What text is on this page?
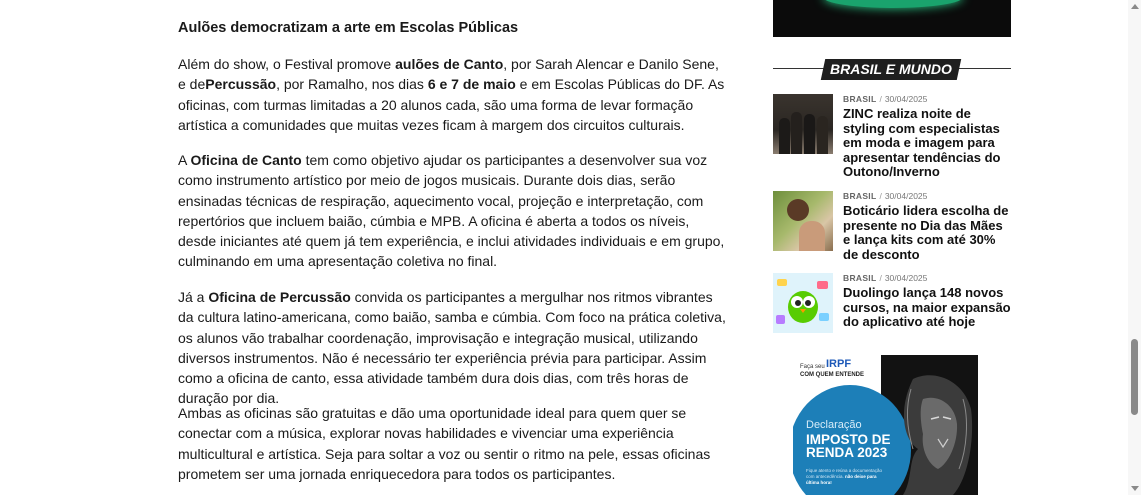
Aulões democratizam a arte em Escolas Públicas

Além do show, o Festival promove aulões de Canto, por Sarah Alencar e Danilo Sene, e dePercussão, por Ramalho, nos dias 6 e 7 de maio e em Escolas Públicas do DF. As oficinas, com turmas limitadas a 20 alunos cada, são uma forma de levar formação artística a comunidades que muitas vezes ficam à margem dos circuitos culturais.

A Oficina de Canto tem como objetivo ajudar os participantes a desenvolver sua voz como instrumento artístico por meio de jogos musicais. Durante dois dias, serão ensinadas técnicas de respiração, aquecimento vocal, projeção e interpretação, com repertórios que incluem baião, cúmbia e MPB. A oficina é aberta a todos os níveis, desde iniciantes até quem já tem experiência, e inclui atividades individuais e em grupo, culminando em uma apresentação coletiva no final.

Já a Oficina de Percussão convida os participantes a mergulhar nos ritmos vibrantes da cultura latino-americana, como baião, samba e cúmbia. Com foco na prática coletiva, os alunos vão trabalhar coordenação, improvisação e integração musical, utilizando diversos instrumentos. Não é necessário ter experiência prévia para participar. Assim como a oficina de canto, essa atividade também dura dois dias, com três horas de duração por dia.

Ambas as oficinas são gratuitas e dão uma oportunidade ideal para quem quer se conectar com a música, explorar novas habilidades e vivenciar uma experiência multicultural e artística. Seja para soltar a voz ou sentir o ritmo na pele, essas oficinas prometem ser uma jornada enriquecedora para todos os participantes.

BRASIL E MUNDO
BRASIL / 30/04/2025
ZINC realiza noite de styling com especialistas em moda e imagem para apresentar tendências do Outono/Inverno
BRASIL / 30/04/2025
Boticário lidera escolha de presente no Dia das Mães e lança kits com até 30% de desconto
BRASIL / 30/04/2025
Duolingo lança 148 novos cursos, na maior expansão do aplicativo até hoje
Faça seu IRPF
COM QUEM ENTENDE
Declaração
IMPOSTO DE RENDA 2023
Fique atento e reúna a documentação com antecedência. não deixe para última hora!
